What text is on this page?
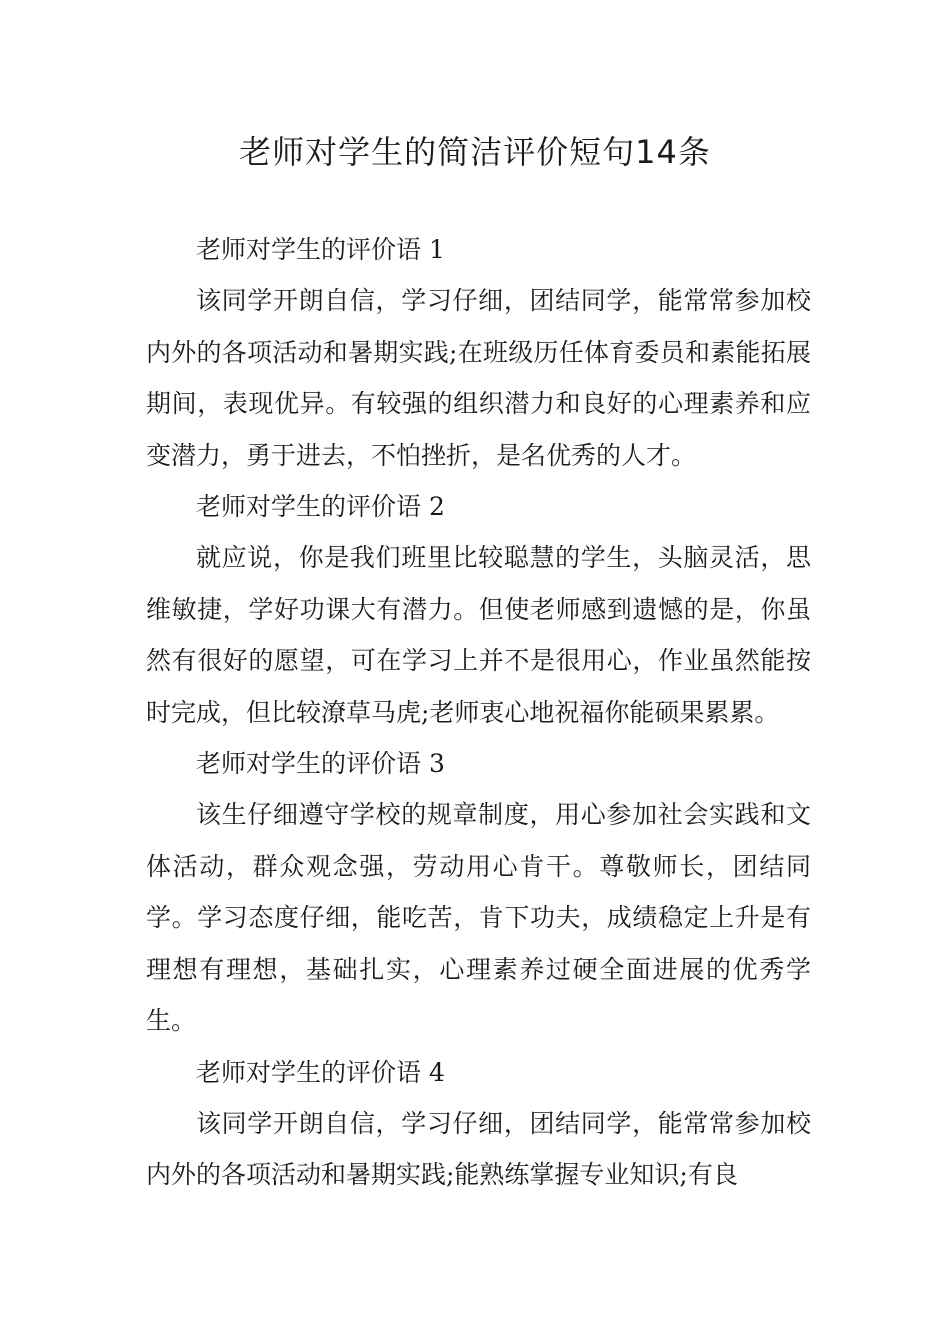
老师对学生的简洁评价短句14条

老师对学生的评价语 1

该同学开朗自信，学习仔细，团结同学，能常常参加校内外的各项活动和暑期实践;在班级历任体育委员和素能拓展期间，表现优异。有较强的组织潜力和良好的心理素养和应变潜力，勇于进去，不怕挫折，是名优秀的人才。

老师对学生的评价语 2

就应说，你是我们班里比较聪慧的学生，头脑灵活，思维敏捷，学好功课大有潜力。但使老师感到遗憾的是，你虽然有很好的愿望，可在学习上并不是很用心，作业虽然能按时完成，但比较潦草马虎;老师衷心地祝福你能硕果累累。

老师对学生的评价语 3

该生仔细遵守学校的规章制度，用心参加社会实践和文体活动，群众观念强，劳动用心肯干。尊敬师长，团结同学。学习态度仔细，能吃苦，肯下功夫，成绩稳定上升是有理想有理想，基础扎实，心理素养过硬全面进展的优秀学生。

老师对学生的评价语 4

该同学开朗自信，学习仔细，团结同学，能常常参加校内外的各项活动和暑期实践;能熟练掌握专业知识;有良
